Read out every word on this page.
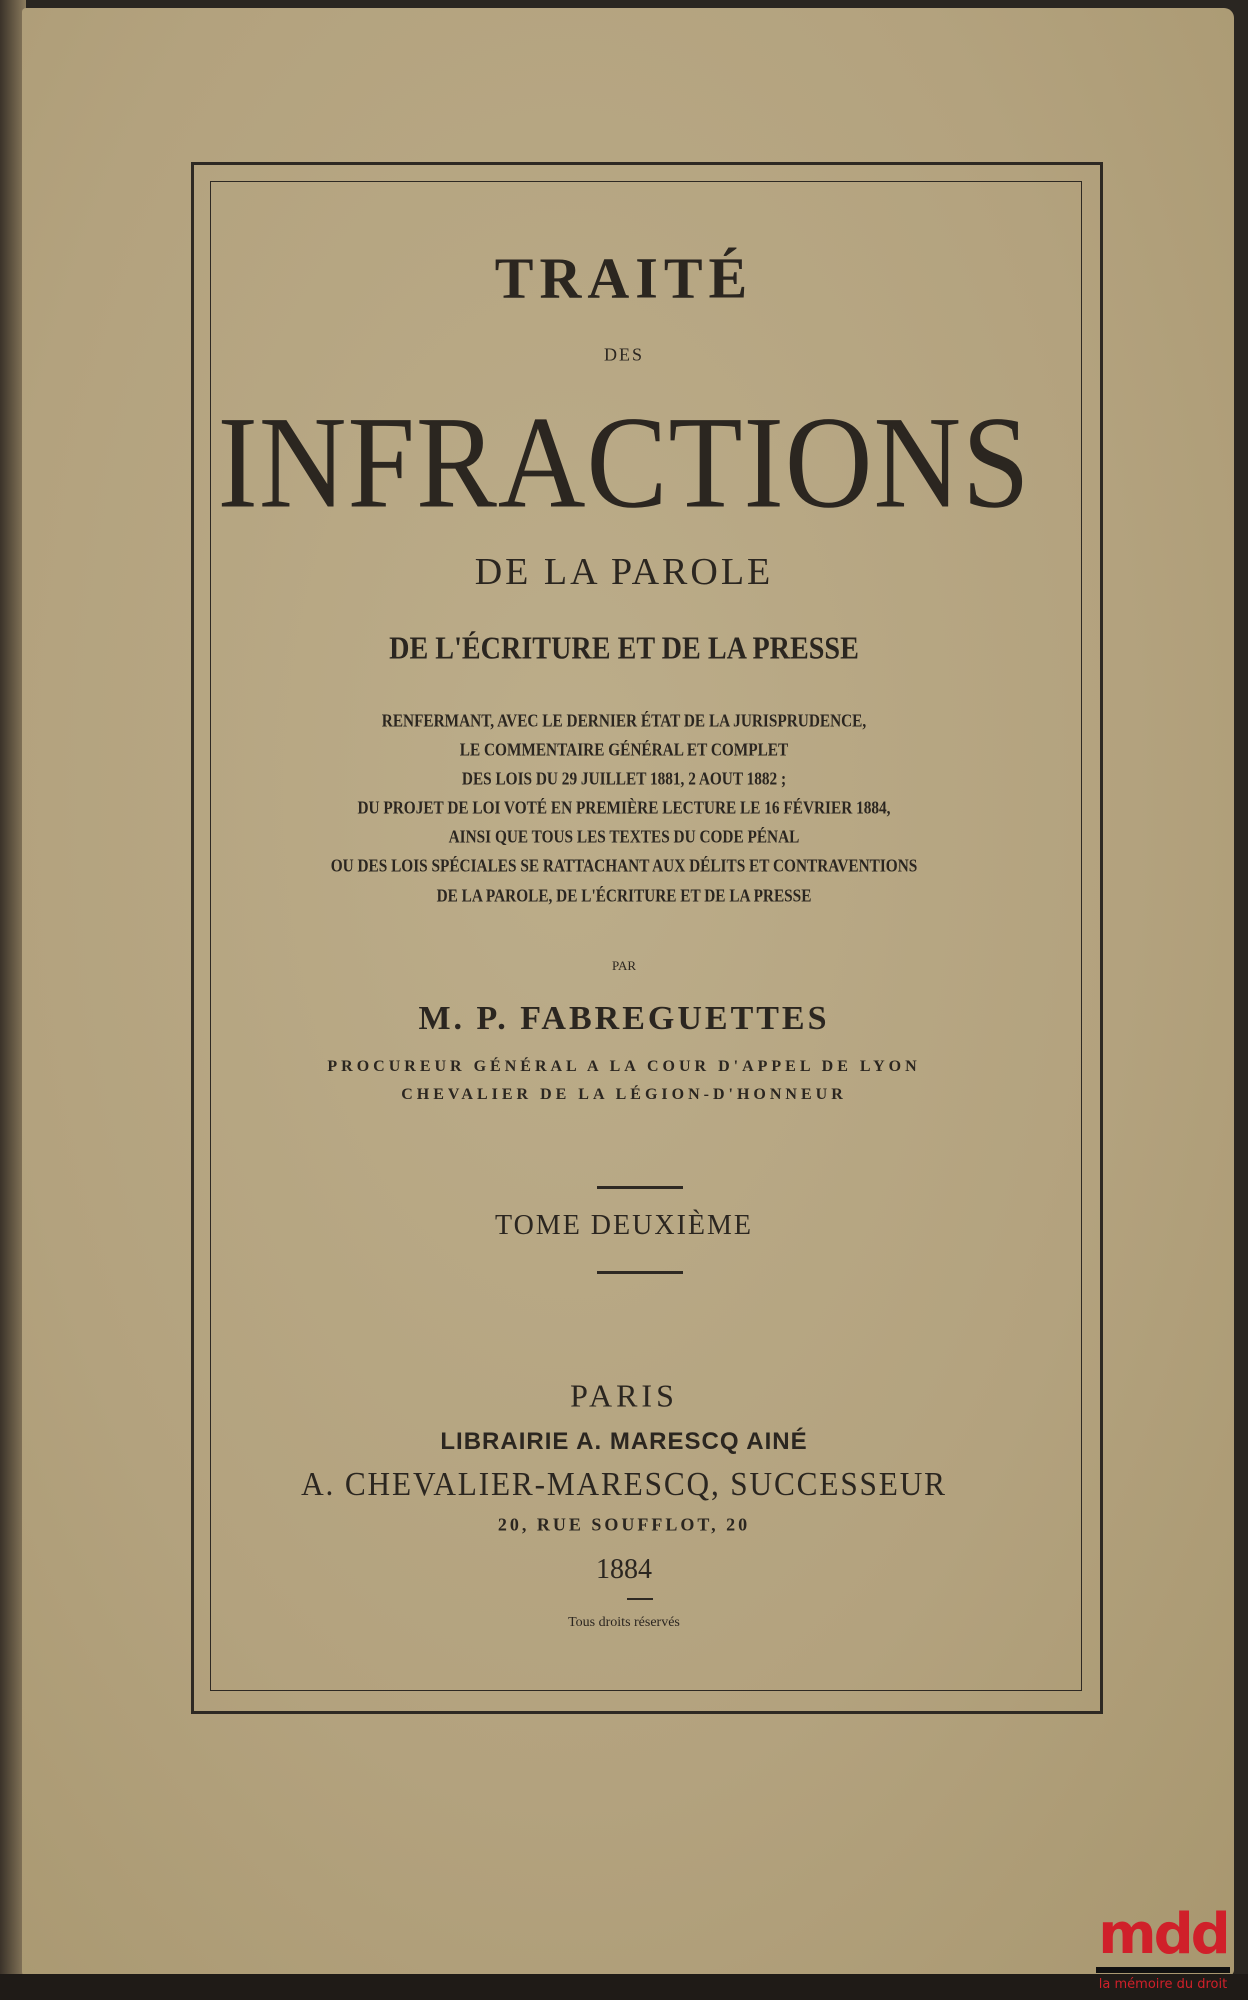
TRAITÉ
DES
INFRACTIONS
DE LA PAROLE
DE L'ÉCRITURE ET DE LA PRESSE
RENFERMANT, AVEC LE DERNIER ÉTAT DE LA JURISPRUDENCE,
LE COMMENTAIRE GÉNÉRAL ET COMPLET
DES LOIS DU 29 JUILLET 1881, 2 AOUT 1882 ;
DU PROJET DE LOI VOTÉ EN PREMIÈRE LECTURE LE 16 FÉVRIER 1884,
AINSI QUE TOUS LES TEXTES DU CODE PÉNAL
OU DES LOIS SPÉCIALES SE RATTACHANT AUX DÉLITS ET CONTRAVENTIONS
DE LA PAROLE, DE L'ÉCRITURE ET DE LA PRESSE
PAR
M. P. FABREGUETTES
PROCUREUR GÉNÉRAL A LA COUR D'APPEL DE LYON
CHEVALIER DE LA LÉGION-D'HONNEUR
TOME DEUXIÈME
PARIS
LIBRAIRIE A. MARESCQ AINÉ
A. CHEVALIER-MARESCQ, SUCCESSEUR
20, RUE SOUFFLOT, 20
1884
Tous droits réservés
mdd
la mémoire du droit
